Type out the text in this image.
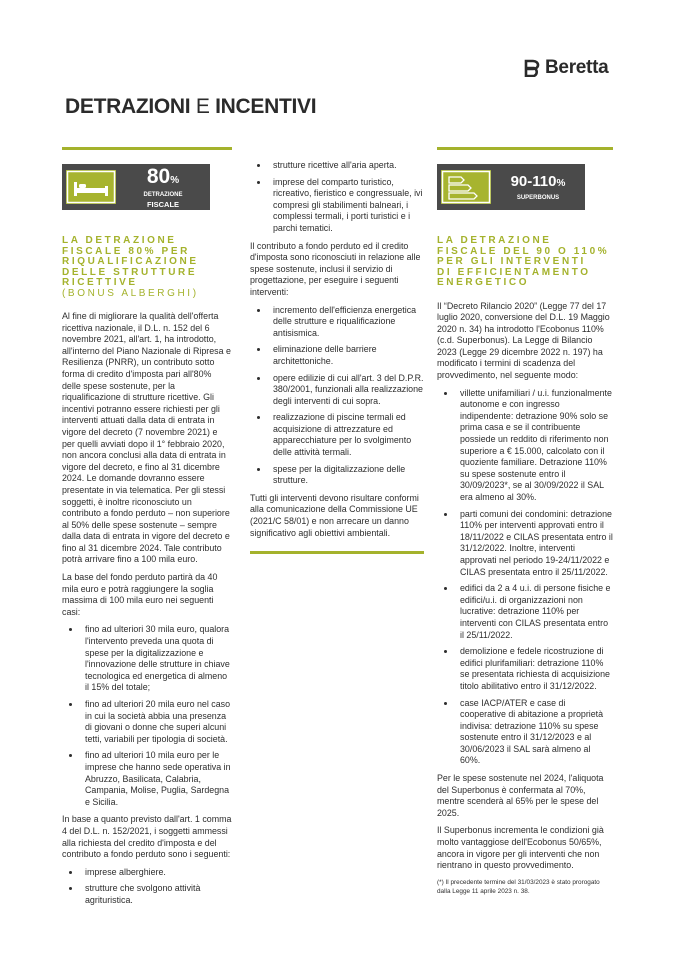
Beretta
DETRAZIONI E INCENTIVI
80%
DETRAZIONE
FISCALE
LA DETRAZIONE
FISCALE 80% PER
RIQUALIFICAZIONE
DELLE STRUTTURE
RICETTIVE
(BONUS ALBERGHI)

Al fine di migliorare la qualità dell'offerta ricettiva nazionale, il D.L. n. 152 del 6 novembre 2021, all'art. 1, ha introdotto, all'interno del Piano Nazionale di Ripresa e Resilienza (PNRR), un contributo sotto forma di credito d'imposta pari all'80% delle spese sostenute, per la riqualificazione di strutture ricettive. Gli incentivi potranno essere richiesti per gli interventi attuati dalla data di entrata in vigore del decreto (7 novembre 2021) e per quelli avviati dopo il 1° febbraio 2020, non ancora conclusi alla data di entrata in vigore del decreto, e fino al 31 dicembre 2024. Le domande dovranno essere presentate in via telematica. Per gli stessi soggetti, è inoltre riconosciuto un contributo a fondo perduto – non superiore al 50% delle spese sostenute – sempre dalla data di entrata in vigore del decreto e fino al 31 dicembre 2024. Tale contributo potrà arrivare fino a 100 mila euro.

La base del fondo perduto partirà da 40 mila euro e potrà raggiungere la soglia massima di 100 mila euro nei seguenti casi:

• fino ad ulteriori 30 mila euro, qualora l'intervento preveda una quota di spese per la digitalizzazione e l'innovazione delle strutture in chiave tecnologica ed energetica di almeno il 15% del totale;
• fino ad ulteriori 20 mila euro nel caso in cui la società abbia una presenza di giovani o donne che superi alcuni tetti, variabili per tipologia di società.
• fino ad ulteriori 10 mila euro per le imprese che hanno sede operativa in Abruzzo, Basilicata, Calabria, Campania, Molise, Puglia, Sardegna e Sicilia.

In base a quanto previsto dall'art. 1 comma 4 del D.L. n. 152/2021, i soggetti ammessi alla richiesta del credito d'imposta e del contributo a fondo perduto sono i seguenti:

• imprese alberghiere.
• strutture che svolgono attività agrituristica.
• strutture ricettive all'aria aperta.
• imprese del comparto turistico, ricreativo, fieristico e congressuale, ivi compresi gli stabilimenti balneari, i complessi termali, i porti turistici e i parchi tematici.

Il contributo a fondo perduto ed il credito d'imposta sono riconosciuti in relazione alle spese sostenute, inclusi il servizio di progettazione, per eseguire i seguenti interventi:

• incremento dell'efficienza energetica delle strutture e riqualificazione antisismica.
• eliminazione delle barriere architettoniche.
• opere edilizie di cui all'art. 3 del D.P.R. 380/2001, funzionali alla realizzazione degli interventi di cui sopra.
• realizzazione di piscine termali ed acquisizione di attrezzature ed apparecchiature per lo svolgimento delle attività termali.
• spese per la digitalizzazione delle strutture.

Tutti gli interventi devono risultare conformi alla comunicazione della Commissione UE (2021/C 58/01) e non arrecare un danno significativo agli obiettivi ambientali.

90-110%
SUPERBONUS
LA DETRAZIONE
FISCALE DEL 90 O 110%
PER GLI INTERVENTI
DI EFFICIENTAMENTO
ENERGETICO

Il “Decreto Rilancio 2020” (Legge 77 del 17 luglio 2020, conversione del D.L. 19 Maggio 2020 n. 34) ha introdotto l'Ecobonus 110% (c.d. Superbonus). La Legge di Bilancio 2023 (Legge 29 dicembre 2022 n. 197) ha modificato i termini di scadenza del provvedimento, nel seguente modo:

• villette unifamiliari / u.i. funzionalmente autonome e con ingresso indipendente: detrazione 90% solo se prima casa e se il contribuente possiede un reddito di riferimento non superiore a € 15.000, calcolato con il quoziente familiare. Detrazione 110% su spese sostenute entro il 30/09/2023*, se al 30/09/2022 il SAL era almeno al 30%.
• parti comuni dei condomini: detrazione 110% per interventi approvati entro il 18/11/2022 e CILAS presentata entro il 31/12/2022. Inoltre, interventi approvati nel periodo 19-24/11/2022 e CILAS presentata entro il 25/11/2022.
• edifici da 2 a 4 u.i. di persone fisiche e edifici/u.i. di organizzazioni non lucrative: detrazione 110% per interventi con CILAS presentata entro il 25/11/2022.
• demolizione e fedele ricostruzione di edifici plurifamiliari: detrazione 110% se presentata richiesta di acquisizione titolo abilitativo entro il 31/12/2022.
• case IACP/ATER e case di cooperative di abitazione a proprietà indivisa: detrazione 110% su spese sostenute entro il 31/12/2023 e al 30/06/2023 il SAL sarà almeno al 60%.

Per le spese sostenute nel 2024, l'aliquota del Superbonus è confermata al 70%, mentre scenderà al 65% per le spese del 2025.

Il Superbonus incrementa le condizioni già molto vantaggiose dell'Ecobonus 50/65%, ancora in vigore per gli interventi che non rientrano in questo provvedimento.

(*) Il precedente termine del 31/03/2023 è stato prorogato dalla Legge 11 aprile 2023 n. 38.
